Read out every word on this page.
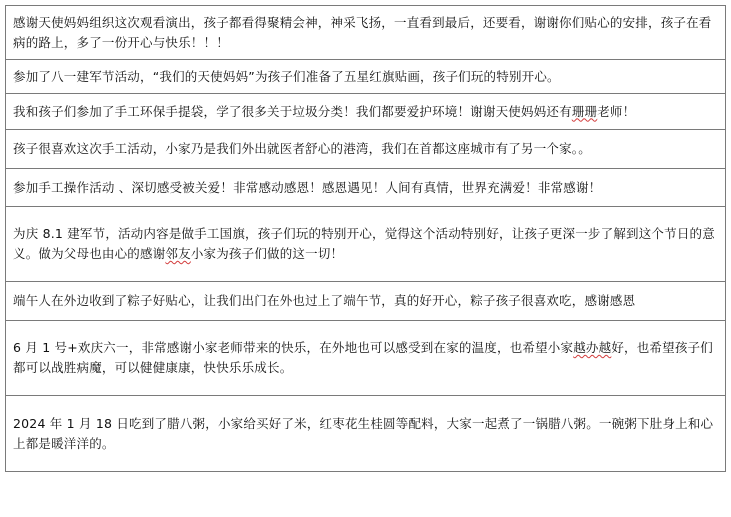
感谢天使妈妈组织这次观看演出，孩子都看得聚精会神，神采飞扬，一直看到最后，还要看，谢谢你们贴心的安排，孩子在看病的路上，多了一份开心与快乐！！！
参加了八一建军节活动，“我们的天使妈妈”为孩子们准备了五星红旗贴画，孩子们玩的特别开心。
我和孩子们参加了手工环保手提袋，学了很多关于垃圾分类！我们都要爱护环境！谢谢天使妈妈还有珊珊老师！
孩子很喜欢这次手工活动，小家乃是我们外出就医者舒心的港湾，我们在首都这座城市有了另一个家。。
参加手工操作活动 、深切感受被关爱！非常感动感恩！感恩遇见！人间有真情，世界充满爱！非常感谢！
为庆 8.1 建军节，活动内容是做手工国旗，孩子们玩的特别开心，觉得这个活动特别好，让孩子更深一步了解到这个节日的意义。做为父母也由心的感谢邻友小家为孩子们做的这一切！
端午人在外边收到了粽子好贴心，让我们出门在外也过上了端午节，真的好开心，粽子孩子很喜欢吃，感谢感恩
6 月 1 号+欢庆六一，非常感谢小家老师带来的快乐，在外地也可以感受到在家的温度，也希望小家越办越好，也希望孩子们都可以战胜病魔，可以健健康康，快快乐乐成长。
2024 年 1 月 18 日吃到了腊八粥，小家给买好了米，红枣花生桂圆等配料，大家一起煮了一锅腊八粥。一碗粥下肚身上和心上都是暖洋洋的。
